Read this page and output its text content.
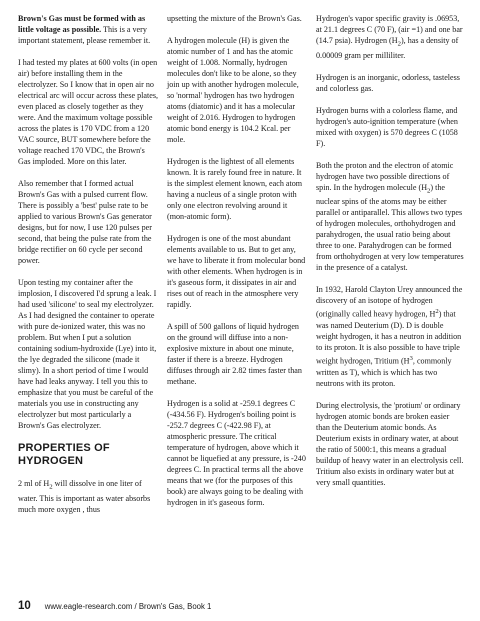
Brown's Gas must be formed with as little voltage as possible. This is a very important statement, please remember it.

I had tested my plates at 600 volts (in open air) before installing them in the electrolyzer. So I know that in open air no electrical arc will occur across these plates, even placed as closely together as they were. And the maximum voltage possible across the plates is 170 VDC from a 120 VAC source, BUT somewhere before the voltage reached 170 VDC, the Brown's Gas imploded. More on this later.

Also remember that I formed actual Brown's Gas with a pulsed current flow. There is possibly a 'best' pulse rate to be applied to various Brown's Gas generator designs, but for now, I use 120 pulses per second, that being the pulse rate from the bridge rectifier on 60 cycle per second power.

Upon testing my container after the implosion, I discovered I'd sprung a leak. I had used 'silicone' to seal my electrolyzer. As I had designed the container to operate with pure de-ionized water, this was no problem. But when I put a solution containing sodium-hydroxide (Lye) into it, the lye degraded the silicone (made it slimy). In a short period of time I would have had leaks anyway. I tell you this to emphasize that you must be careful of the materials you use in constructing any electrolyzer but most particularly a Brown's Gas electrolyzer.

PROPERTIES OF HYDROGEN

2 ml of $H_2$ will dissolve in one liter of water. This is important as water absorbs much more oxygen , thus

upsetting the mixture of the Brown's Gas.

A hydrogen molecule (H) is given the atomic number of 1 and has the atomic weight of 1.008. Normally, hydrogen molecules don't like to be alone, so they join up with another hydrogen molecule, so 'normal' hydrogen has two hydrogen atoms (diatomic) and it has a molecular weight of 2.016. Hydrogen to hydrogen atomic bond energy is 104.2 Kcal. per mole.

Hydrogen is the lightest of all elements known. It is rarely found free in nature. It is the simplest element known, each atom having a nucleus of a single proton with only one electron revolving around it (mon-atomic form).

Hydrogen is one of the most abundant elements available to us. But to get any, we have to liberate it from molecular bond with other elements. When hydrogen is in it's gaseous form, it dissipates in air and rises out of reach in the atmosphere very rapidly.

A spill of 500 gallons of liquid hydrogen on the ground will diffuse into a non-explosive mixture in about one minute, faster if there is a breeze. Hydrogen diffuses through air 2.82 times faster than methane.

Hydrogen is a solid at -259.1 degrees C (-434.56 F). Hydrogen's boiling point is -252.7 degrees C (-422.98 F), at atmospheric pressure. The critical temperature of hydrogen, above which it cannot be liquefied at any pressure, is -240 degrees C. In practical terms all the above means that we (for the purposes of this book) are always going to be dealing with hydrogen in it's gaseous form.

Hydrogen's vapor specific gravity is .06953, at 21.1 degrees C (70 F), (air =1) and one bar (14.7 psia). Hydrogen $(H_2)$, has a density of 0.00009 gram per milliliter.

Hydrogen is an inorganic, odorless, tasteless and colorless gas.

Hydrogen burns with a colorless flame, and hydrogen's auto-ignition temperature (when mixed with oxygen) is 570 degrees C (1058 F).

Both the proton and the electron of atomic hydrogen have two possible directions of spin. In the hydrogen molecule $(H_2)$ the nuclear spins of the atoms may be either parallel or antiparallel. This allows two types of hydrogen molecules, orthohydrogen and parahydrogen, the usual ratio being about three to one. Parahydrogen can be formed from orthohydrogen at very low temperatures in the presence of a catalyst.

In 1932, Harold Clayton Urey announced the discovery of an isotope of hydrogen (originally called heavy hydrogen, $H^2$) that was named Deuterium (D). D is double weight hydrogen, it has a neutron in addition to its proton. It is also possible to have triple weight hydrogen, Tritium ($H^3$, commonly written as T), which is which has two neutrons with its proton.

During electrolysis, the 'protium' or ordinary hydrogen atomic bonds are broken easier than the Deuterium atomic bonds. As Deuterium exists in ordinary water, at about the ratio of 5000:1, this means a gradual buildup of heavy water in an electrolysis cell. Tritium also exists in ordinary water but at very small quantities.

10 www.eagle-research.com / Brown's Gas, Book 1
